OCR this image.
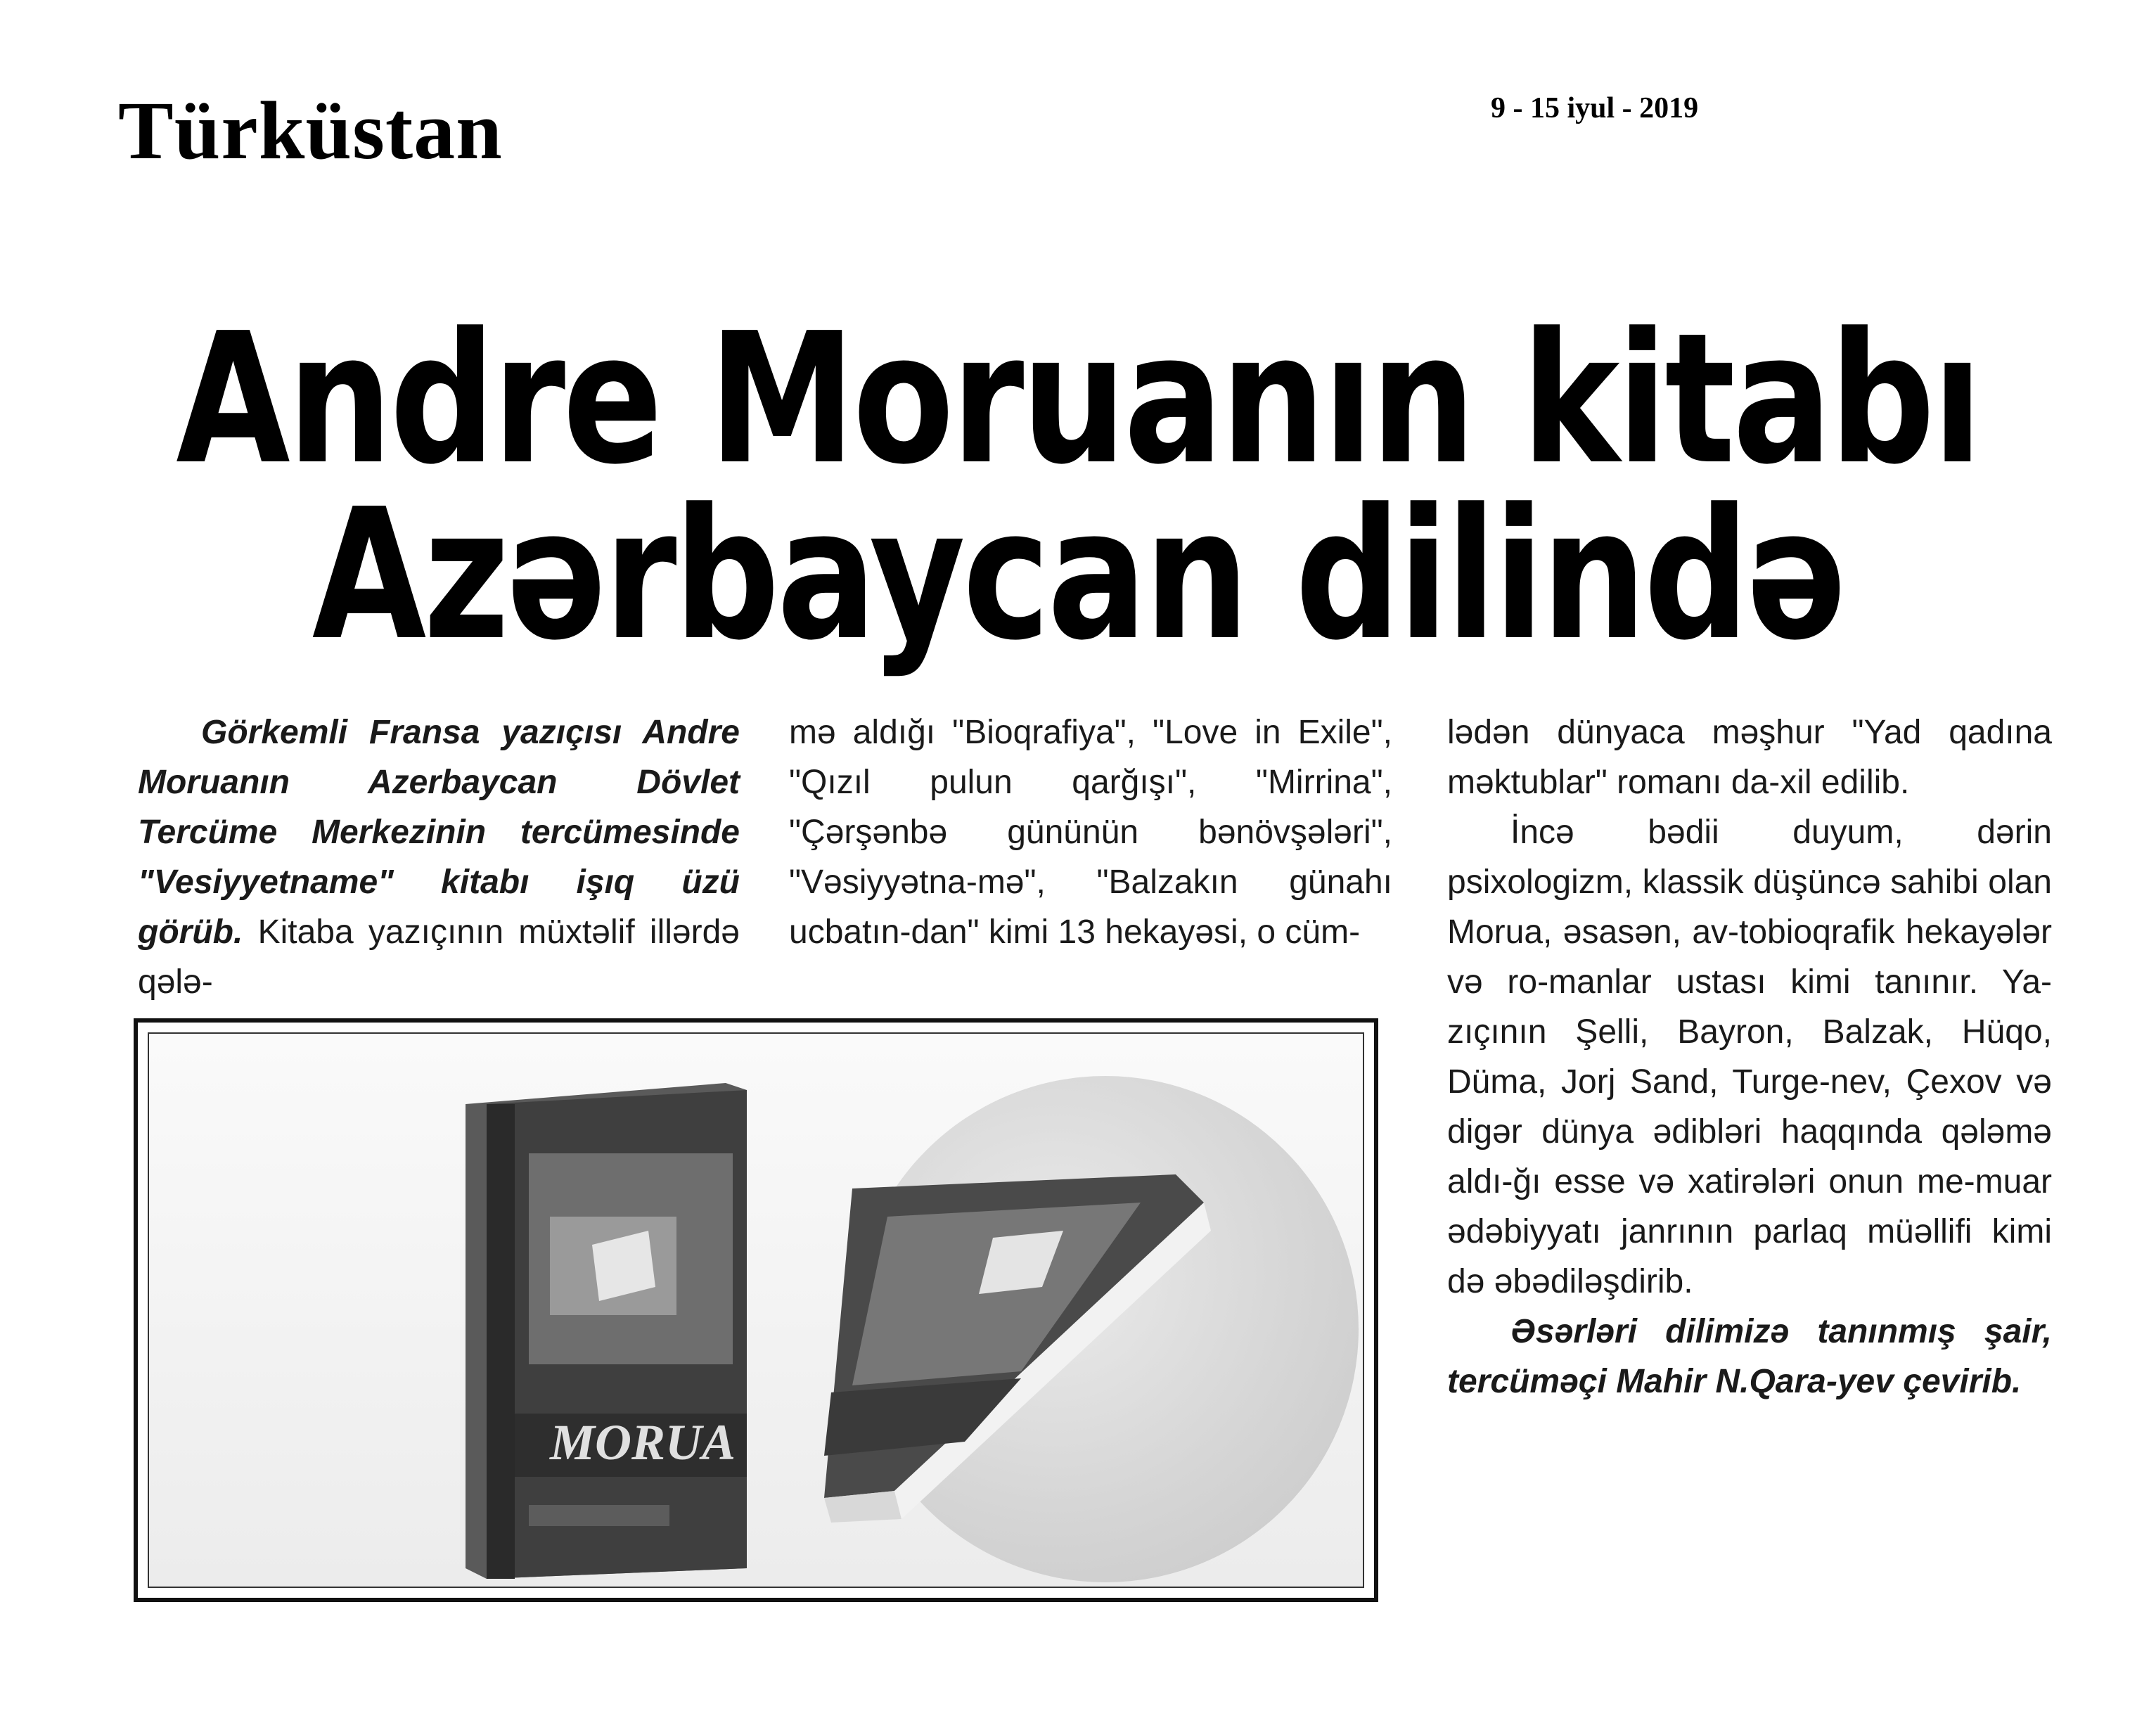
Türküstan	9 - 15 iyul - 2019
Andre Moruanın kitabı
Azərbaycan dilində

Görkemli Fransa yazıçısı Andre Moruanın Azerbaycan Dövlet Tercüme Merkezinin tercümesinde "Vesiyyetname" kitabı işıq üzü görüb. Kitaba yazıçının müxtəlif illərdə qələ-

mə aldığı "Bioqrafiya", "Love in Exile", "Qızıl pulun qarğışı", "Mirrina", "Çərşənbə gününün bənövşələri", "Vəsiyyətna-mə", "Balzakın günahı ucbatın-dan" kimi 13 hekayəsi, o cüm-

lədən dünyaca məşhur "Yad qadına məktublar" romanı da-xil edilib.

İncə bədii duyum, dərin psixologizm, klassik düşüncə sahibi olan Morua, əsasən, av-tobioqrafik hekayələr və ro-manlar ustası kimi tanınır. Ya-zıçının Şelli, Bayron, Balzak, Hüqo, Düma, Jorj Sand, Turge-nev, Çexov və digər dünya ədibləri haqqında qələmə aldı-ğı esse və xatirələri onun me-muar ədəbiyyatı janrının parlaq müəllifi kimi də əbədiləşdirib.

Əsərləri dilimizə tanınmış şair, tercüməçi Mahir N.Qara-yev çevirib.

MORUA
